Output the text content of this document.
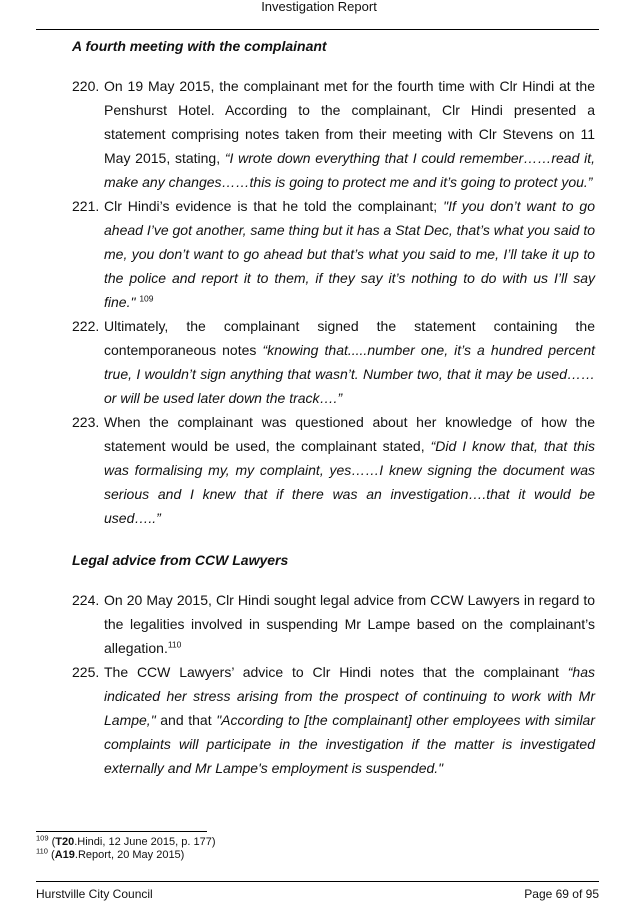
Investigation Report
A fourth meeting with the complainant
220. On 19 May 2015, the complainant met for the fourth time with Clr Hindi at the Penshurst Hotel. According to the complainant, Clr Hindi presented a statement comprising notes taken from their meeting with Clr Stevens on 11 May 2015, stating, “I wrote down everything that I could remember……read it, make any changes……this is going to protect me and it’s going to protect you.”
221. Clr Hindi’s evidence is that he told the complainant; "If you don’t want to go ahead I’ve got another, same thing but it has a Stat Dec, that’s what you said to me, you don’t want to go ahead but that’s what you said to me, I’ll take it up to the police and report it to them, if they say it’s nothing to do with us I’ll say fine." $^{109}$
222. Ultimately, the complainant signed the statement containing the contemporaneous notes “knowing that.....number one, it’s a hundred percent true, I wouldn’t sign anything that wasn’t. Number two, that it may be used……or will be used later down the track….”
223. When the complainant was questioned about her knowledge of how the statement would be used, the complainant stated, “Did I know that, that this was formalising my, my complaint, yes……I knew signing the document was serious and I knew that if there was an investigation….that it would be used…..”
Legal advice from CCW Lawyers
224. On 20 May 2015, Clr Hindi sought legal advice from CCW Lawyers in regard to the legalities involved in suspending Mr Lampe based on the complainant’s allegation.$^{110}$
225. The CCW Lawyers’ advice to Clr Hindi notes that the complainant “has indicated her stress arising from the prospect of continuing to work with Mr Lampe," and that "According to [the complainant] other employees with similar complaints will participate in the investigation if the matter is investigated externally and Mr Lampe's employment is suspended."
$^{109}$ (T20.Hindi, 12 June 2015, p. 177)
$^{110}$ (A19.Report, 20 May 2015)
Hurstville City Council	Page 69 of 95
